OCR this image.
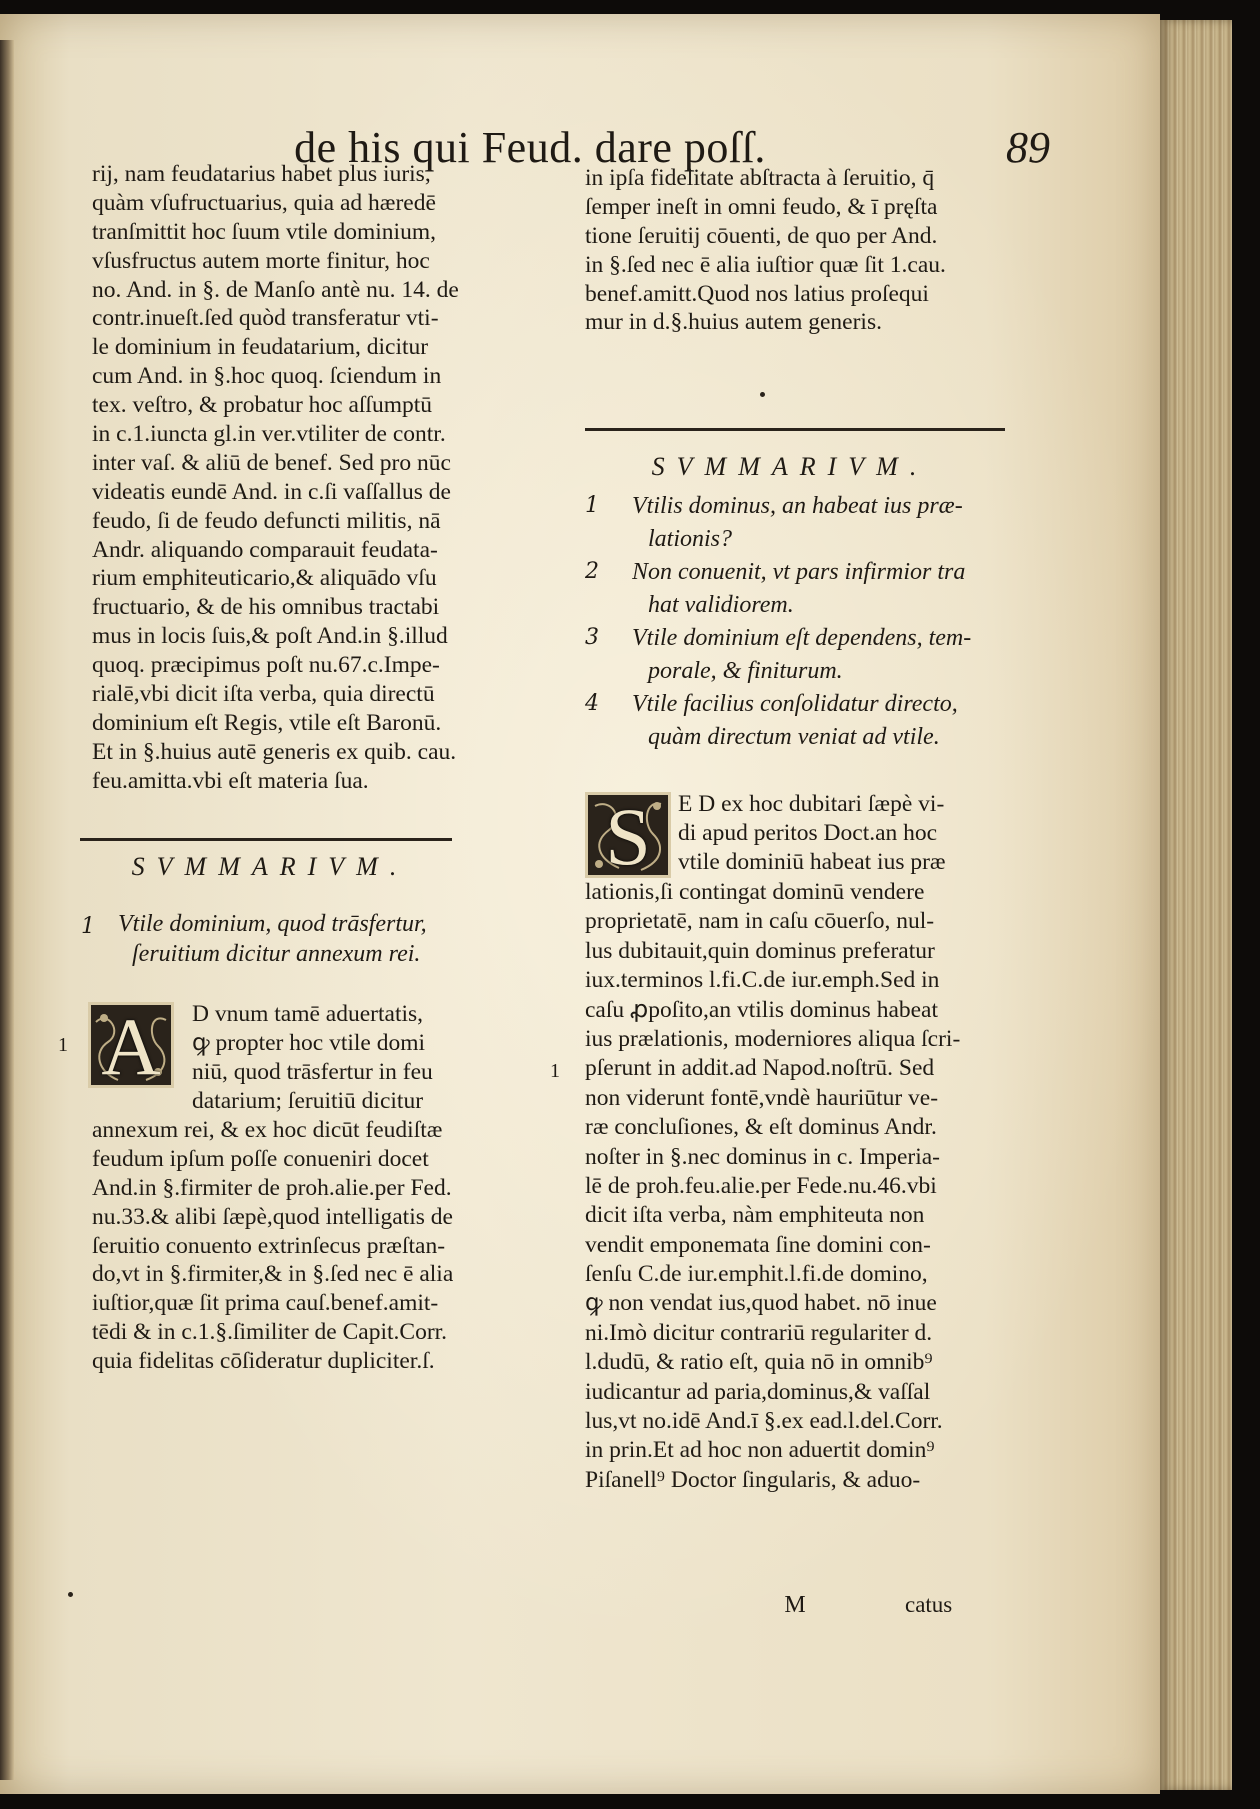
de his qui Feud. dare poſſ.	89
rij, nam feudatarius habet plus iuris,
quàm vſufructuarius, quia ad hæredē
tranſmittit hoc ſuum vtile dominium,
vſusfructus autem morte finitur, hoc
no. And. in §. de Manſo antè nu. 14. de
contr.inueſt.ſed quòd transferatur vti-
le dominium in feudatarium, dicitur
cum And. in §.hoc quoq. ſciendum in
tex. veſtro, & probatur hoc aſſumptū
in c.1.iuncta gl.in ver.vtiliter de contr.
inter vaſ. & aliū de benef. Sed pro nūc
videatis eundē And. in c.ſi vaſſallus de
feudo, ſi de feudo defuncti militis, nā
Andr. aliquando comparauit feudata-
rium emphiteuticario,& aliquādo vſu
fructuario, & de his omnibus tractabi
mus in locis ſuis,& poſt And.in §.illud
quoq. præcipimus poſt nu.67.c.Impe-
rialē,vbi dicit iſta verba, quia directū
dominium eſt Regis, vtile eſt Baronū.
Et in §.huius autē generis ex quib. cau.
feu.amitta.vbi eſt materia ſua.
SVMMARIVM.
1 Vtile dominium, quod trāsfertur,
ſeruitium dicitur annexum rei.
1 A	D vnum tamē aduertatis,
ꝙ propter hoc vtile domi
niū, quod trāsfertur in feu
datarium; ſeruitiū dicitur
annexum rei, & ex hoc dicūt feudiſtæ
feudum ipſum poſſe conueniri docet
And.in §.firmiter de proh.alie.per Fed.
nu.33.& alibi ſæpè,quod intelligatis de
ſeruitio conuento extrinſecus præſtan-
do,vt in §.firmiter,& in §.ſed nec ē alia
iuſtior,quæ ſit prima cauſ.benef.amit-
tēdi & in c.1.§.ſimiliter de Capit.Corr.
quia fidelitas cōſideratur dupliciter.ſ.
in ipſa fidelitate abſtracta à ſeruitio, q̄
ſemper ineſt in omni feudo, & ī pręſta
tione ſeruitij cōuenti, de quo per And.
in §.ſed nec ē alia iuſtior quæ ſit 1.cau.
benef.amitt.Quod nos latius proſequi
mur in d.§.huius autem generis.
SVMMARIVM.
1 Vtilis dominus, an habeat ius præ-
lationis?
2 Non conuenit, vt pars infirmior tra
hat validiorem.
3 Vtile dominium eſt dependens, tem-
porale, & finiturum.
4 Vtile facilius conſolidatur directo,
quàm directum veniat ad vtile.
1
S	E D ex hoc dubitari ſæpè vi-
di apud peritos Doct.an hoc
vtile dominiū habeat ius præ
lationis,ſi contingat dominū vendere
proprietatē, nam in caſu cōuerſo, nul-
lus dubitauit,quin dominus preferatur
iux.terminos l.fi.C.de iur.emph.Sed in
caſu ꝓpoſito,an vtilis dominus habeat
ius prælationis, moderniores aliqua ſcri-
pſerunt in addit.ad Napod.noſtrū. Sed
non viderunt fontē,vndè hauriūtur ve-
ræ concluſiones, & eſt dominus Andr.
noſter in §.nec dominus in c. Imperia-
lē de proh.feu.alie.per Fede.nu.46.vbi
dicit iſta verba, nàm emphiteuta non
vendit emponemata ſine domini con-
ſenſu C.de iur.emphit.l.fi.de domino,
ꝙ non vendat ius,quod habet. nō inue
ni.Imò dicitur contrariū regulariter d.
l.dudū, & ratio eſt, quia nō in omnib⁹
iudicantur ad paria,dominus,& vaſſal
lus,vt no.idē And.ī §.ex ead.l.del.Corr.
in prin.Et ad hoc non aduertit domin⁹
Piſanell⁹ Doctor ſingularis, & aduo-
M	catus
